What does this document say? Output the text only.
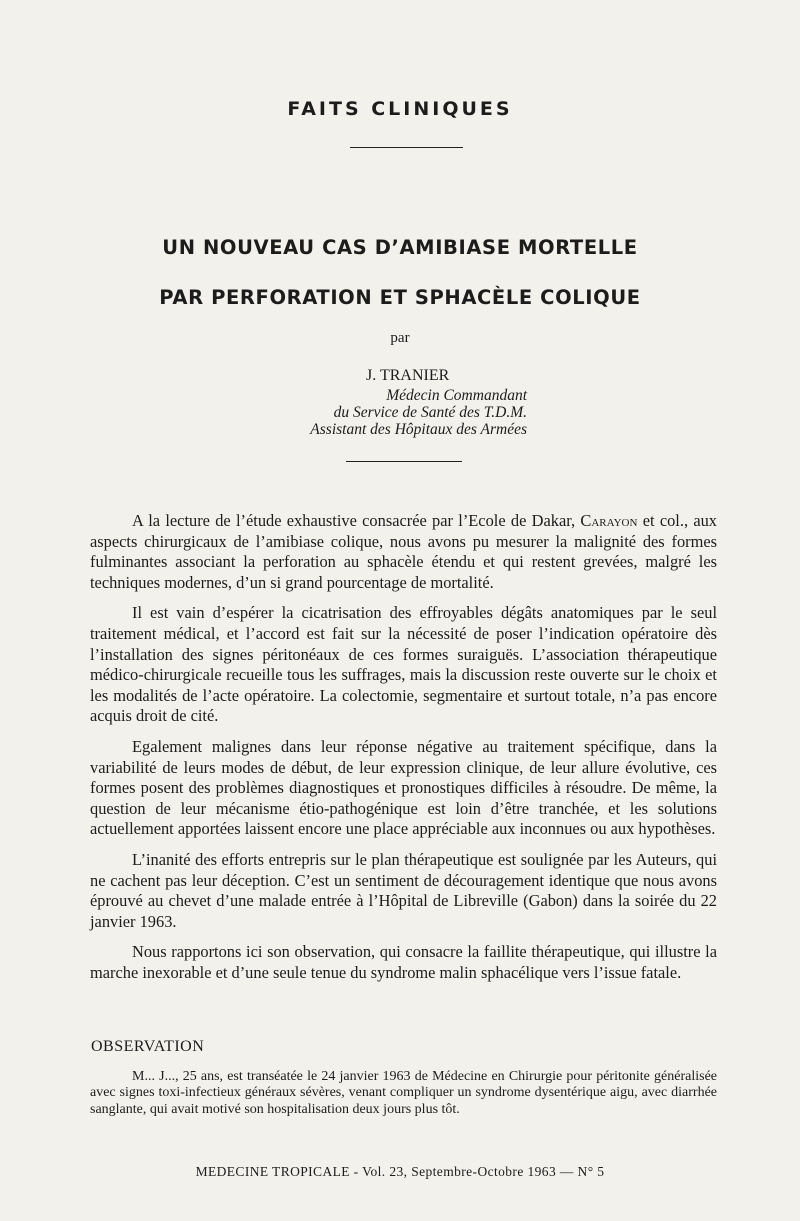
FAITS CLINIQUES
UN NOUVEAU CAS D’AMIBIASE MORTELLE
PAR PERFORATION ET SPHACÈLE COLIQUE
par
J. TRANIER
Médecin Commandant
du Service de Santé des T.D.M.
Assistant des Hôpitaux des Armées

A la lecture de l’étude exhaustive consacrée par l’Ecole de Dakar, Carayon et col., aux aspects chirurgicaux de l’amibiase colique, nous avons pu mesurer la malignité des formes fulminantes associant la perforation au sphacèle étendu et qui restent grevées, malgré les techniques modernes, d’un si grand pourcentage de mortalité.

Il est vain d’espérer la cicatrisation des effroyables dégâts anatomiques par le seul traitement médical, et l’accord est fait sur la nécessité de poser l’indication opératoire dès l’installation des signes péritonéaux de ces formes suraiguës. L’association thérapeutique médico-chirurgicale recueille tous les suffrages, mais la discussion reste ouverte sur le choix et les modalités de l’acte opératoire. La colectomie, segmentaire et surtout totale, n’a pas encore acquis droit de cité.

Egalement malignes dans leur réponse négative au traitement spécifique, dans la variabilité de leurs modes de début, de leur expression clinique, de leur allure évolutive, ces formes posent des problèmes diagnostiques et pronostiques difficiles à résoudre. De même, la question de leur mécanisme étio-pathogénique est loin d’être tranchée, et les solutions actuellement apportées laissent encore une place appréciable aux inconnues ou aux hypothèses.

L’inanité des efforts entrepris sur le plan thérapeutique est soulignée par les Auteurs, qui ne cachent pas leur déception. C’est un sentiment de découragement identique que nous avons éprouvé au chevet d’une malade entrée à l’Hôpital de Libreville (Gabon) dans la soirée du 22 janvier 1963.

Nous rapportons ici son observation, qui consacre la faillite thérapeutique, qui illustre la marche inexorable et d’une seule tenue du syndrome malin sphacélique vers l’issue fatale.

OBSERVATION
M... J..., 25 ans, est transéatée le 24 janvier 1963 de Médecine en Chirurgie pour péritonite généralisée avec signes toxi-infectieux généraux sévères, venant compliquer un syndrome dysentérique aigu, avec diarrhée sanglante, qui avait motivé son hospitalisation deux jours plus tôt.
MEDECINE TROPICALE - Vol. 23, Septembre-Octobre 1963 — N° 5
